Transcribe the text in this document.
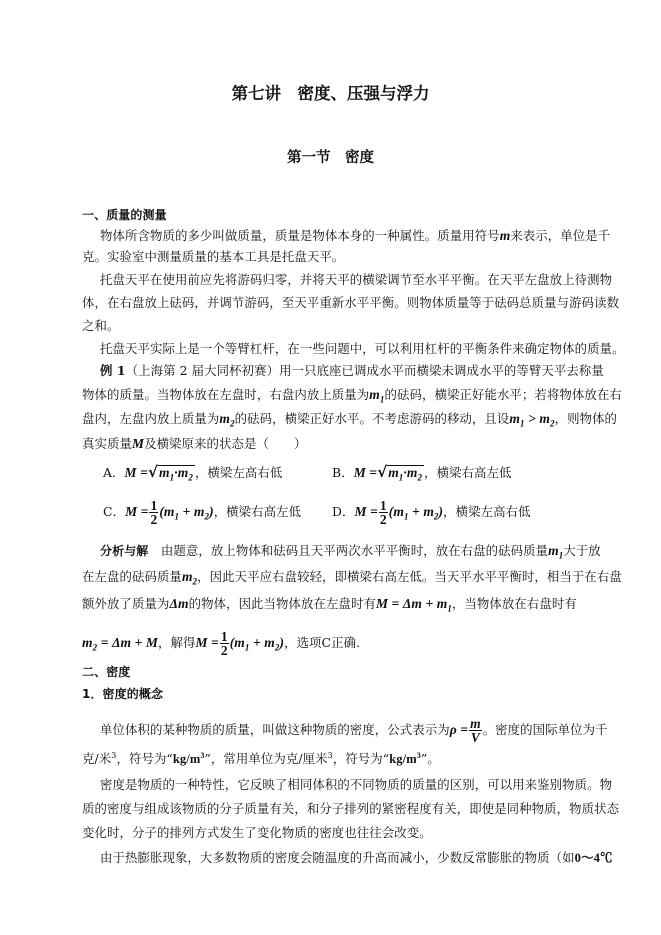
第七讲　密度、压强与浮力
第一节　密度
一、质量的测量
物体所含物质的多少叫做质量，质量是物体本身的一种属性。质量用符号m来表示，单位是千
克。实验室中测量质量的基本工具是托盘天平。
托盘天平在使用前应先将游码归零，并将天平的横梁调节至水平平衡。在天平左盘放上待测物
体，在右盘放上砝码，并调节游码，至天平重新水平平衡。则物体质量等于砝码总质量与游码读数
之和。
托盘天平实际上是一个等臂杠杆，在一些问题中，可以利用杠杆的平衡条件来确定物体的质量。
例 1（上海第 2 届大同杯初赛）用一只底座已调成水平而横梁未调成水平的等臂天平去称量
物体的质量。当物体放在左盘时，右盘内放上质量为$m_1$的砝码，横梁正好能水平；若将物体放在右
盘内，左盘内放上质量为$m_2$的砝码，横梁正好水平。不考虑游码的移动，且设$m_1 > m_2$，则物体的
真实质量M及横梁原来的状态是（　　）
A．$M =√m_1\cdot m_2$ ，横梁左高右低	B．$M =√m_1\cdot m_2$ ，横梁右高左低
C．$M = \frac{1}{2} (m_1 + m_2)$，横梁右高左低 D．$M = \frac{1}{2} (m_1 + m_2)$，横梁左高右低
分析与解　由题意，放上物体和砝码且天平两次水平平衡时，放在右盘的砝码质量$m_1$大于放
在左盘的砝码质量$m_2$，因此天平应右盘较轻，即横梁右高左低。当天平水平平衡时，相当于在右盘
额外放了质量为Δm的物体，因此当物体放在左盘时有$M = \Delta m + m_1$，当物体放在右盘时有
$m_2 = \Delta m + M$，解得$M = \frac{1}{2} (m_1 + m_2)$，选项C正确.
二、密度
1．密度的概念
单位体积的某种物质的质量，叫做这种物质的密度，公式表示为$\rho = \frac{m}{V}$ 。密度的国际单位为千
克/米$^3$，符号为“$kg/m^3$”，常用单位为克/厘米$^3$，符号为“$kg/m^3$”。
密度是物质的一种特性，它反映了相同体积的不同物质的质量的区别，可以用来鉴别物质。物
质的密度与组成该物质的分子质量有关，和分子排列的紧密程度有关，即使是同种物质，物质状态
变化时，分子的排列方式发生了变化物质的密度也往往会改变。
由于热膨胀现象，大多数物质的密度会随温度的升高而减小，少数反常膨胀的物质（如0～4℃
